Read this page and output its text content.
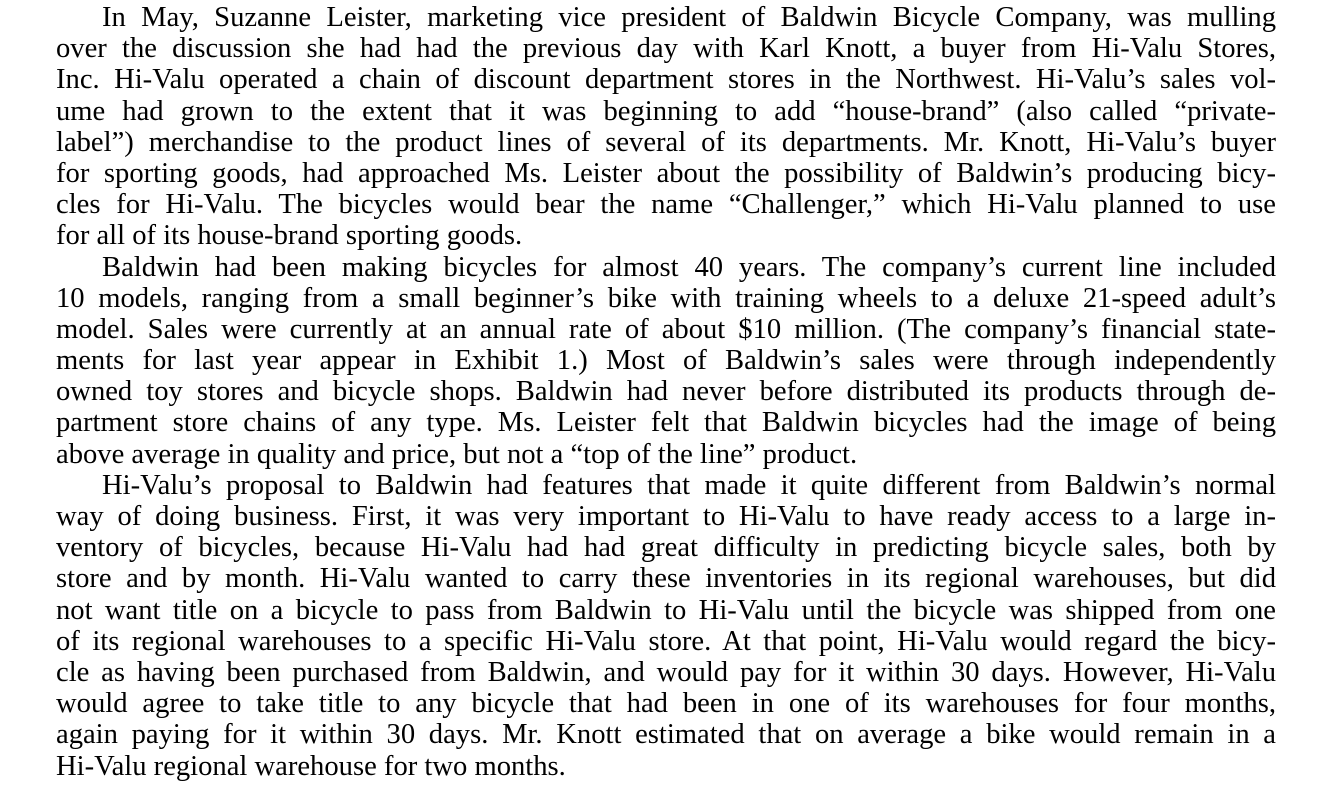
In May, Suzanne Leister, marketing vice president of Baldwin Bicycle Company, was mulling
over the discussion she had had the previous day with Karl Knott, a buyer from Hi-Valu Stores,
Inc. Hi-Valu operated a chain of discount department stores in the Northwest. Hi-Valu’s sales vol-
ume had grown to the extent that it was beginning to add “house-brand” (also called “private-
label”) merchandise to the product lines of several of its departments. Mr. Knott, Hi-Valu’s buyer
for sporting goods, had approached Ms. Leister about the possibility of Baldwin’s producing bicy-
cles for Hi-Valu. The bicycles would bear the name “Challenger,” which Hi-Valu planned to use
for all of its house-brand sporting goods.
Baldwin had been making bicycles for almost 40 years. The company’s current line included
10 models, ranging from a small beginner’s bike with training wheels to a deluxe 21-speed adult’s
model. Sales were currently at an annual rate of about $10 million. (The company’s financial state-
ments for last year appear in Exhibit 1.) Most of Baldwin’s sales were through independently
owned toy stores and bicycle shops. Baldwin had never before distributed its products through de-
partment store chains of any type. Ms. Leister felt that Baldwin bicycles had the image of being
above average in quality and price, but not a “top of the line” product.
Hi-Valu’s proposal to Baldwin had features that made it quite different from Baldwin’s normal
way of doing business. First, it was very important to Hi-Valu to have ready access to a large in-
ventory of bicycles, because Hi-Valu had had great difficulty in predicting bicycle sales, both by
store and by month. Hi-Valu wanted to carry these inventories in its regional warehouses, but did
not want title on a bicycle to pass from Baldwin to Hi-Valu until the bicycle was shipped from one
of its regional warehouses to a specific Hi-Valu store. At that point, Hi-Valu would regard the bicy-
cle as having been purchased from Baldwin, and would pay for it within 30 days. However, Hi-Valu
would agree to take title to any bicycle that had been in one of its warehouses for four months,
again paying for it within 30 days. Mr. Knott estimated that on average a bike would remain in a
Hi-Valu regional warehouse for two months.
